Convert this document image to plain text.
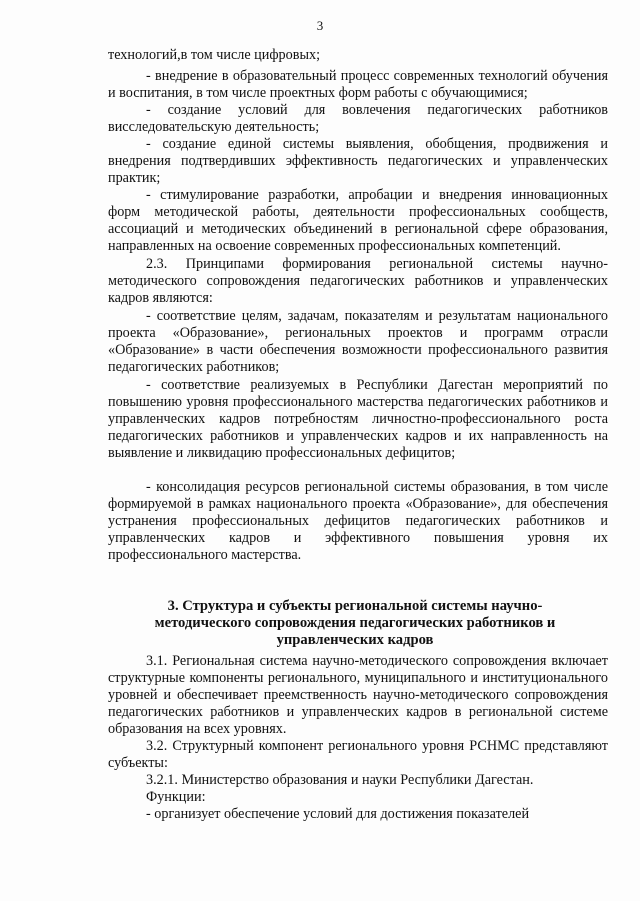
3
технологий,в том числе цифровых;
- внедрение в образовательный процесс современных технологий обучения и воспитания, в том числе проектных форм работы с обучающимися;
- создание условий для вовлечения педагогических работников висследовательскую деятельность;
- создание единой системы выявления, обобщения, продвижения и внедрения подтвердивших эффективность педагогических и управленческих практик;
- стимулирование разработки, апробации и внедрения инновационных форм методической работы, деятельности профессиональных сообществ, ассоциаций и методических объединений в региональной сфере образования, направленных на освоение современных профессиональных компетенций.
2.3. Принципами формирования региональной системы научно-методического сопровождения педагогических работников и управленческих кадров являются:
- соответствие целям, задачам, показателям и результатам национального проекта «Образование», региональных проектов и программ отрасли «Образование» в части обеспечения возможности профессионального развития педагогических работников;
- соответствие реализуемых в Республики Дагестан мероприятий по повышению уровня профессионального мастерства педагогических работников и управленческих кадров потребностям личностно-профессионального роста педагогических работников и управленческих кадров и их направленность на выявление и ликвидацию профессиональных дефицитов;
- консолидация ресурсов региональной системы образования, в том числе формируемой в рамках национального проекта «Образование», для обеспечения устранения профессиональных дефицитов педагогических работников и управленческих кадров и эффективного повышения уровня их профессионального мастерства.
3. Структура и субъекты региональной системы научно-методического сопровождения педагогических работников и управленческих кадров
3.1. Региональная система научно-методического сопровождения включает структурные компоненты регионального, муниципального и институционального уровней и обеспечивает преемственность научно-методического сопровождения педагогических работников и управленческих кадров в региональной системе образования на всех уровнях.
3.2. Структурный компонент регионального уровня РСНМС представляют субъекты:
3.2.1. Министерство образования и науки Республики Дагестан.
Функции:
- организует обеспечение условий для достижения показателей
